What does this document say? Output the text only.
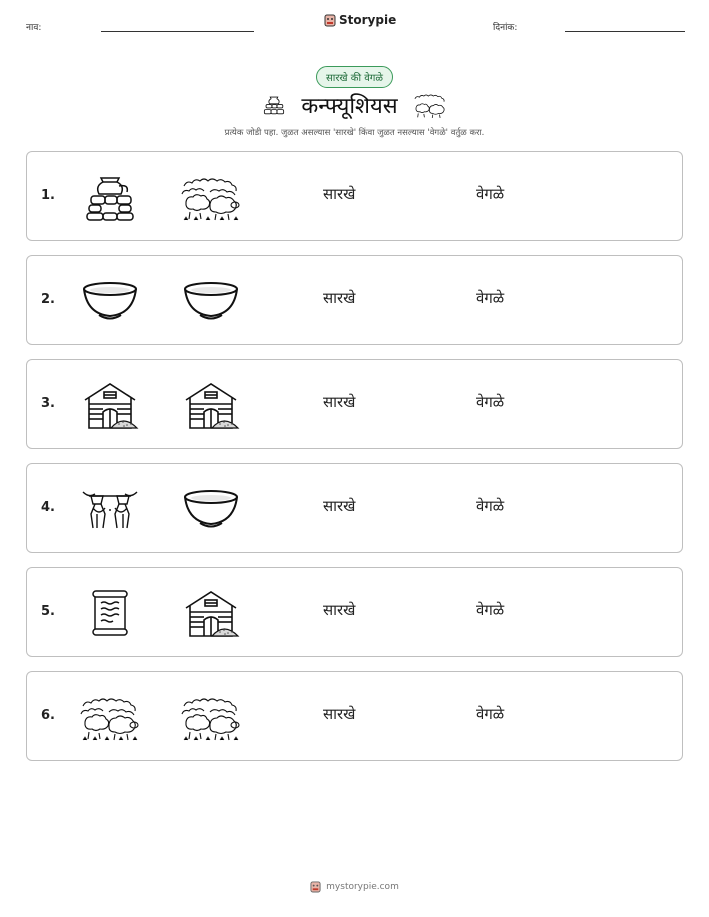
नाव:
Storypie
दिनांक:
सारखे की वेगळे
कन्फ्यूशियस
प्रत्येक जोडी पहा. जुळत असल्यास 'सारखे' किंवा जुळत नसल्यास 'वेगळे' वर्तुळ करा.
1.	सारखे	वेगळे
2.	सारखे	वेगळे
3.	सारखे	वेगळे
4.	सारखे	वेगळे
5.	सारखे	वेगळे
6.	सारखे	वेगळे
mystorypie.com
